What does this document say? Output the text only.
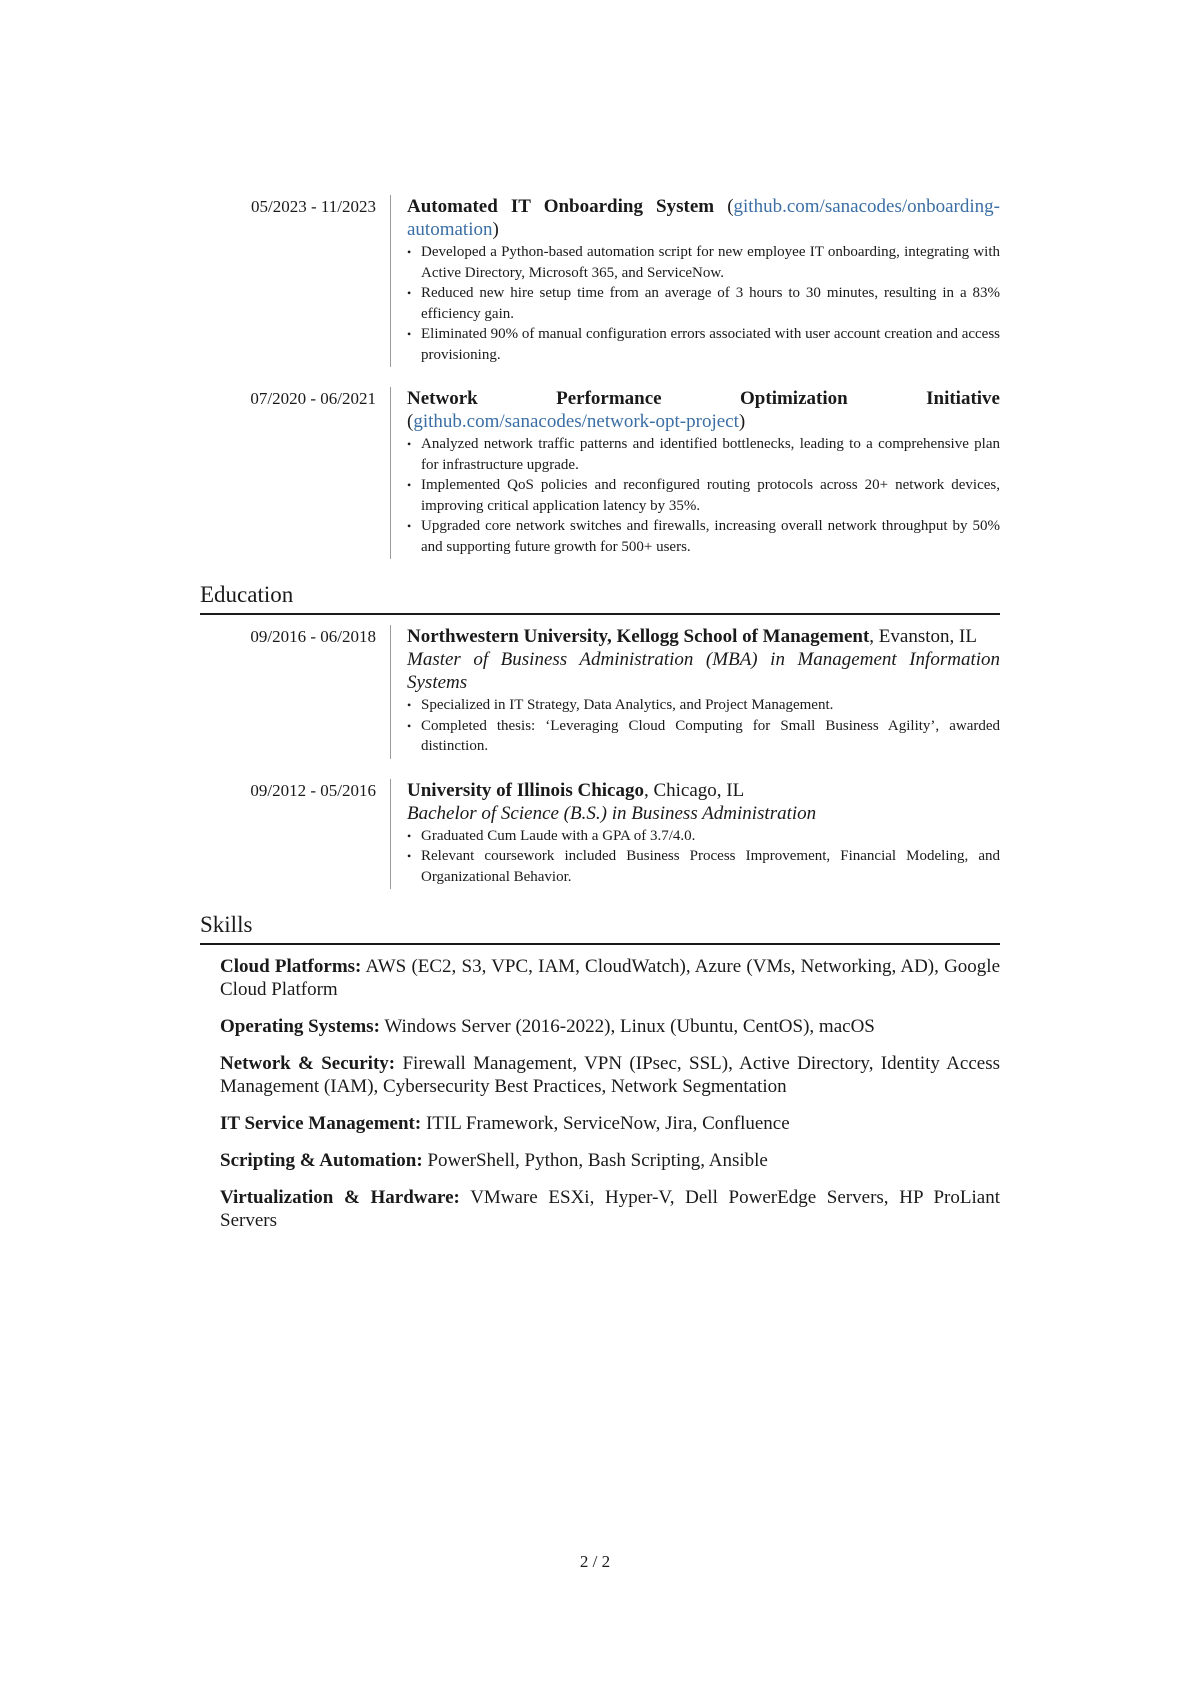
05/2023 - 11/2023	Automated IT Onboarding System (github.com/sanacodes/onboarding-automation)
• Developed a Python-based automation script for new employee IT onboarding, integrating with Active Directory, Microsoft 365, and ServiceNow.
• Reduced new hire setup time from an average of 3 hours to 30 minutes, resulting in a 83% efficiency gain.
• Eliminated 90% of manual configuration errors associated with user account creation and access provisioning.
07/2020 - 06/2021	Network Performance Optimization Initiative (github.com/sanacodes/network-opt-project)
• Analyzed network traffic patterns and identified bottlenecks, leading to a comprehensive plan for infrastructure upgrade.
• Implemented QoS policies and reconfigured routing protocols across 20+ network devices, improving critical application latency by 35%.
• Upgraded core network switches and firewalls, increasing overall network throughput by 50% and supporting future growth for 500+ users.
Education
09/2016 - 06/2018	Northwestern University, Kellogg School of Management, Evanston, IL
Master of Business Administration (MBA) in Management Information Systems
• Specialized in IT Strategy, Data Analytics, and Project Management.
• Completed thesis: ‘Leveraging Cloud Computing for Small Business Agility’, awarded distinction.
09/2012 - 05/2016	University of Illinois Chicago, Chicago, IL
Bachelor of Science (B.S.) in Business Administration
• Graduated Cum Laude with a GPA of 3.7/4.0.
• Relevant coursework included Business Process Improvement, Financial Modeling, and Organizational Behavior.
Skills
Cloud Platforms: AWS (EC2, S3, VPC, IAM, CloudWatch), Azure (VMs, Networking, AD), Google Cloud Platform
Operating Systems: Windows Server (2016-2022), Linux (Ubuntu, CentOS), macOS
Network & Security: Firewall Management, VPN (IPsec, SSL), Active Directory, Identity Access Management (IAM), Cybersecurity Best Practices, Network Segmentation
IT Service Management: ITIL Framework, ServiceNow, Jira, Confluence
Scripting & Automation: PowerShell, Python, Bash Scripting, Ansible
Virtualization & Hardware: VMware ESXi, Hyper-V, Dell PowerEdge Servers, HP ProLiant Servers
2 / 2
